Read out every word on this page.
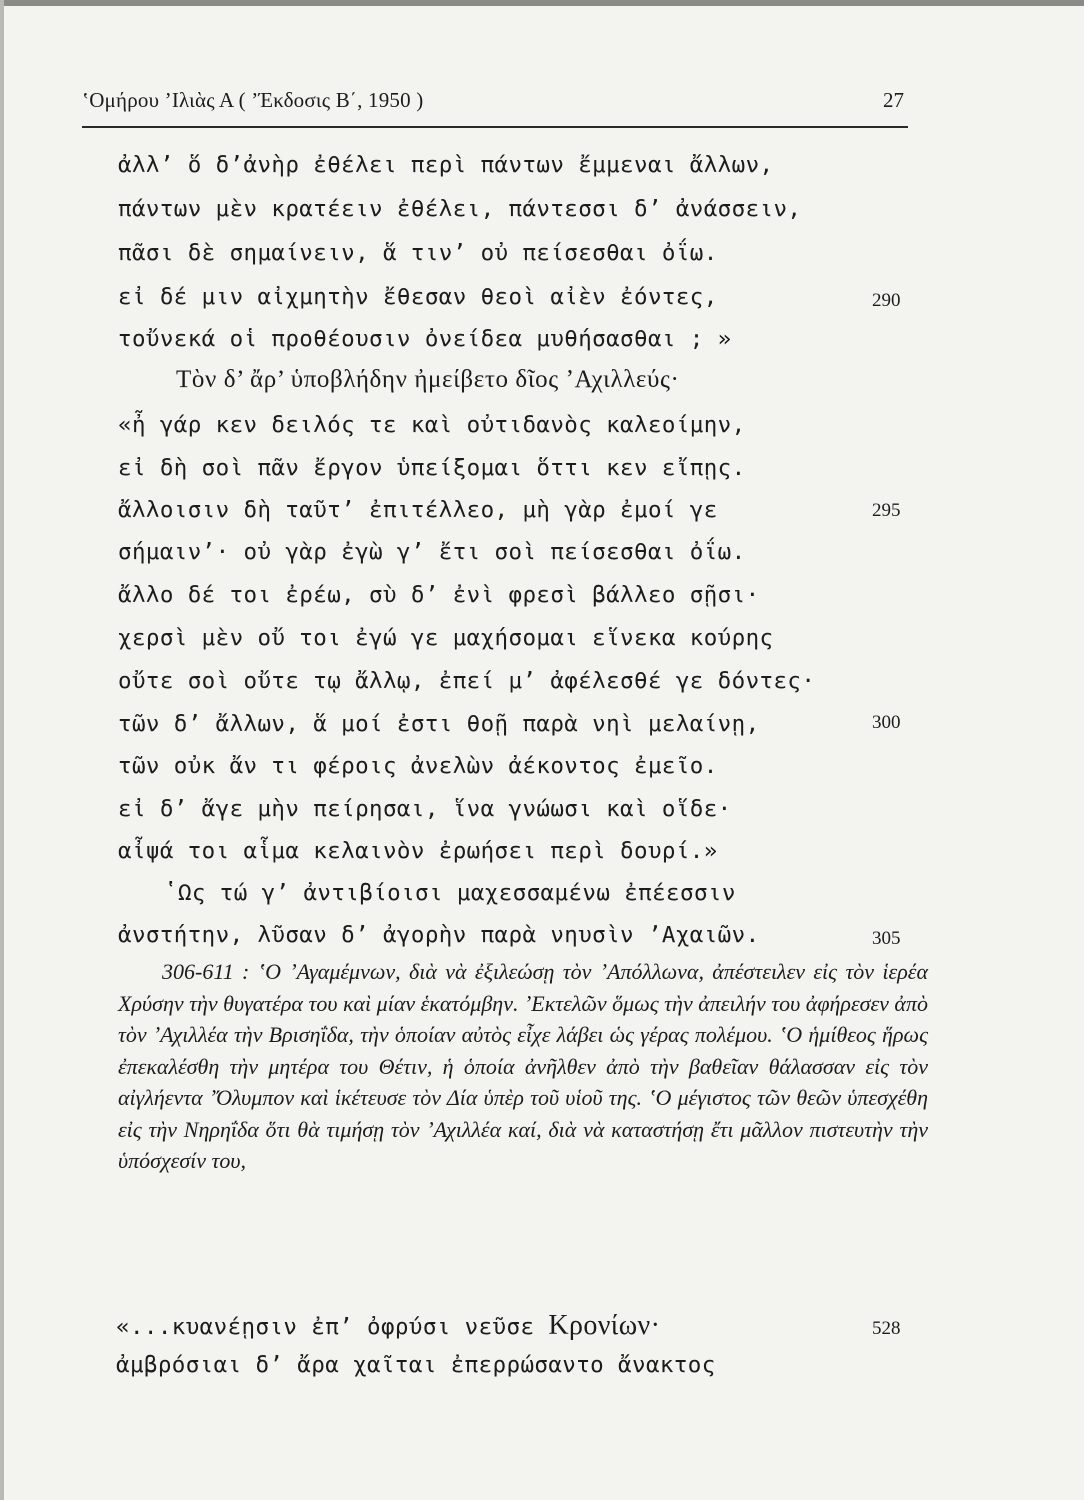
ʽΟμήρου ʼΙλιὰς Α ( ʼΈκδοσις Β΄, 1950 )	27
ἀλλ’ ὅ δ’ἀνὴρ ἐθέλει περὶ πάντων ἔμμεναι ἄλλων,
πάντων μὲν κρατέειν ἐθέλει, πάντεσσι δ’ ἀνάσσειν,
πᾶσι δὲ σημαίνειν, ἅ τιν’ οὐ πείσεσθαι ὀΐω.
εἰ δέ μιν αἰχμητὴν ἔθεσαν θεοὶ αἰὲν ἐόντες,	290
τοὔνεκά οἱ προθέουσιν ὀνείδεα μυθήσασθαι ; »
Τὸν δ’ ἄρ’ ὑποβλήδην ἠμείβετο δῖος ʼΑχιλλεύς·
«ἦ γάρ κεν δειλός τε καὶ οὐτιδανὸς καλεοίμην,
εἰ δὴ σοὶ πᾶν ἔργον ὑπείξομαι ὅττι κεν εἴπῃς.
ἄλλοισιν δὴ ταῦτ’ ἐπιτέλλεο, μὴ γὰρ ἐμοί γε	295
σήμαιν’· οὐ γὰρ ἐγὼ γ’ ἔτι σοὶ πείσεσθαι ὀΐω.
ἄλλο δέ τοι ἐρέω, σὺ δ’ ἐνὶ φρεσὶ βάλλεο σῇσι·
χερσὶ μὲν οὔ τοι ἐγώ γε μαχήσομαι εἵνεκα κούρης
οὔτε σοὶ οὔτε τῳ ἄλλῳ, ἐπεί μ’ ἀφέλεσθέ γε δόντες·
τῶν δ’ ἄλλων, ἅ μοί ἐστι θοῇ παρὰ νηὶ μελαίνῃ,	300
τῶν οὐκ ἄν τι φέροις ἀνελὼν ἀέκοντος ἐμεῖο.
εἰ δ’ ἄγε μὴν πείρησαι, ἵνα γνώωσι καὶ οἵδε·
αἶψά τοι αἷμα κελαινὸν ἐρωήσει περὶ δουρί.»
ʽΩς τώ γ’ ἀντιβίοισι μαχεσσαμένω ἐπέεσσιν
ἀνστήτην, λῦσαν δ’ ἀγορὴν παρὰ νηυσὶν ʼΑχαιῶν.	305
306-611 : ʽΟ ʼΑγαμέμνων, διὰ νὰ ἐξιλεώσῃ τὸν ʼΑπόλλωνα, ἀπέστειλεν εἰς τὸν ἱερέα Χρύσην τὴν θυγατέρα του καὶ μίαν ἑκατόμβην. ʼΕκτελῶν ὅμως τὴν ἀπειλήν του ἀφήρεσεν ἀπὸ τὸν ʼΑχιλλέα τὴν Βρισηΐδα, τὴν ὁποίαν αὐτὸς εἶχε λάβει ὡς γέρας πολέμου. ʽΟ ἡμίθεος ἥρως ἐπεκαλέσθη τὴν μητέρα του Θέτιν, ἡ ὁποία ἀνῆλθεν ἀπὸ τὴν βαθεῖαν θάλασσαν εἰς τὸν αἰγλήεντα ʼΌλυμπον καὶ ἱκέτευσε τὸν Δία ὑπὲρ τοῦ υἱοῦ της. ʽΟ μέγιστος τῶν θεῶν ὑπεσχέθη εἰς τὴν Νηρηΐδα ὅτι θὰ τιμήσῃ τὸν ʼΑχιλλέα καί, διὰ νὰ καταστήσῃ ἔτι μᾶλλον πιστευτὴν τὴν ὑπόσχεσίν του,
«...κυανέῃσιν ἐπ’ ὀφρύσι νεῦσε Κρονίων·	528
ἀμβρόσιαι δ’ ἄρα χαῖται ἐπερρώσαντο ἄνακτος
